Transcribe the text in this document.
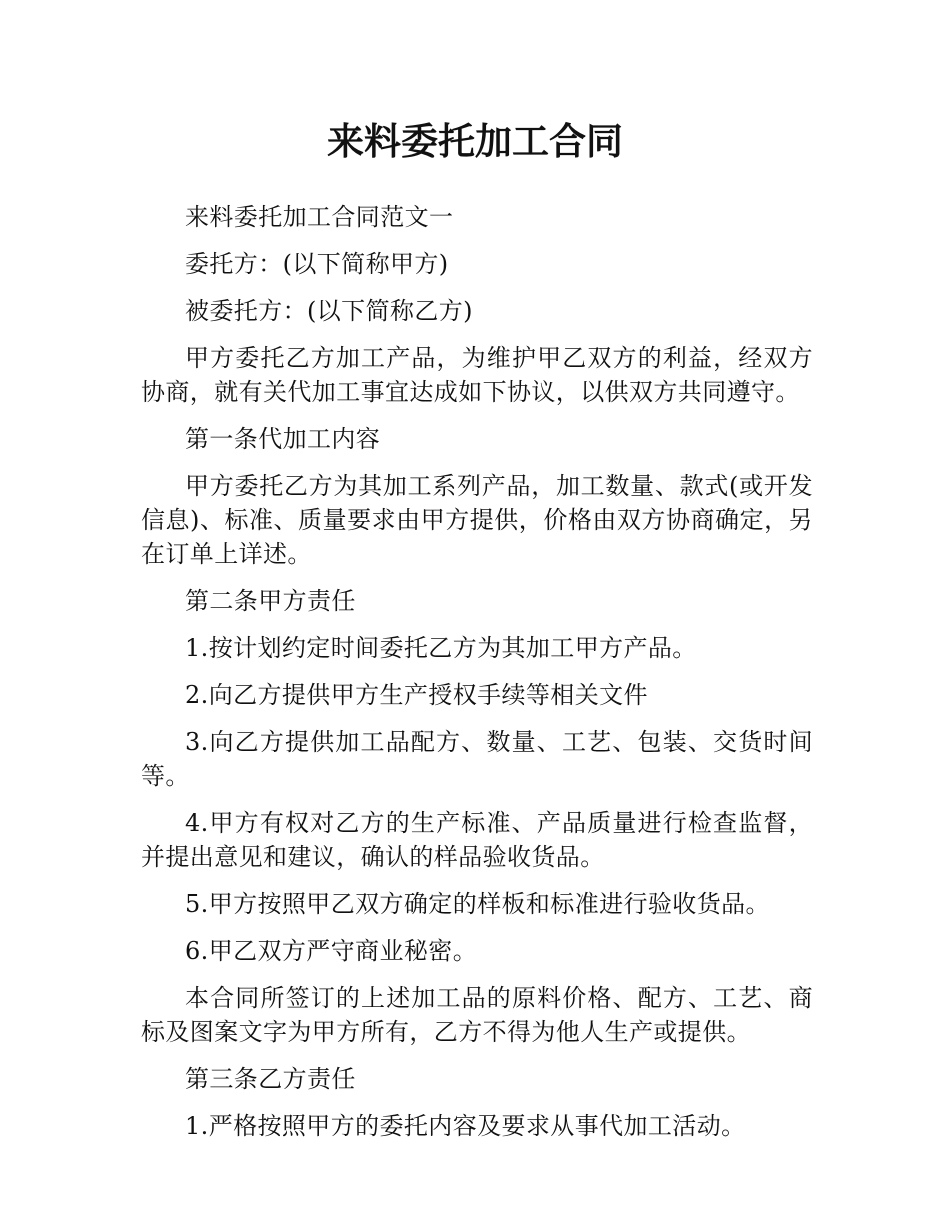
来料委托加工合同

来料委托加工合同范文一

委托方：(以下简称甲方)

被委托方：(以下简称乙方)

甲方委托乙方加工产品，为维护甲乙双方的利益，经双方协商，就有关代加工事宜达成如下协议，以供双方共同遵守。

第一条代加工内容

甲方委托乙方为其加工系列产品，加工数量、款式(或开发信息)、标准、质量要求由甲方提供，价格由双方协商确定，另在订单上详述。

第二条甲方责任

1.按计划约定时间委托乙方为其加工甲方产品。

2.向乙方提供甲方生产授权手续等相关文件

3.向乙方提供加工品配方、数量、工艺、包装、交货时间等。

4.甲方有权对乙方的生产标准、产品质量进行检查监督，并提出意见和建议，确认的样品验收货品。

5.甲方按照甲乙双方确定的样板和标准进行验收货品。

6.甲乙双方严守商业秘密。

本合同所签订的上述加工品的原料价格、配方、工艺、商标及图案文字为甲方所有，乙方不得为他人生产或提供。

第三条乙方责任

1.严格按照甲方的委托内容及要求从事代加工活动。
